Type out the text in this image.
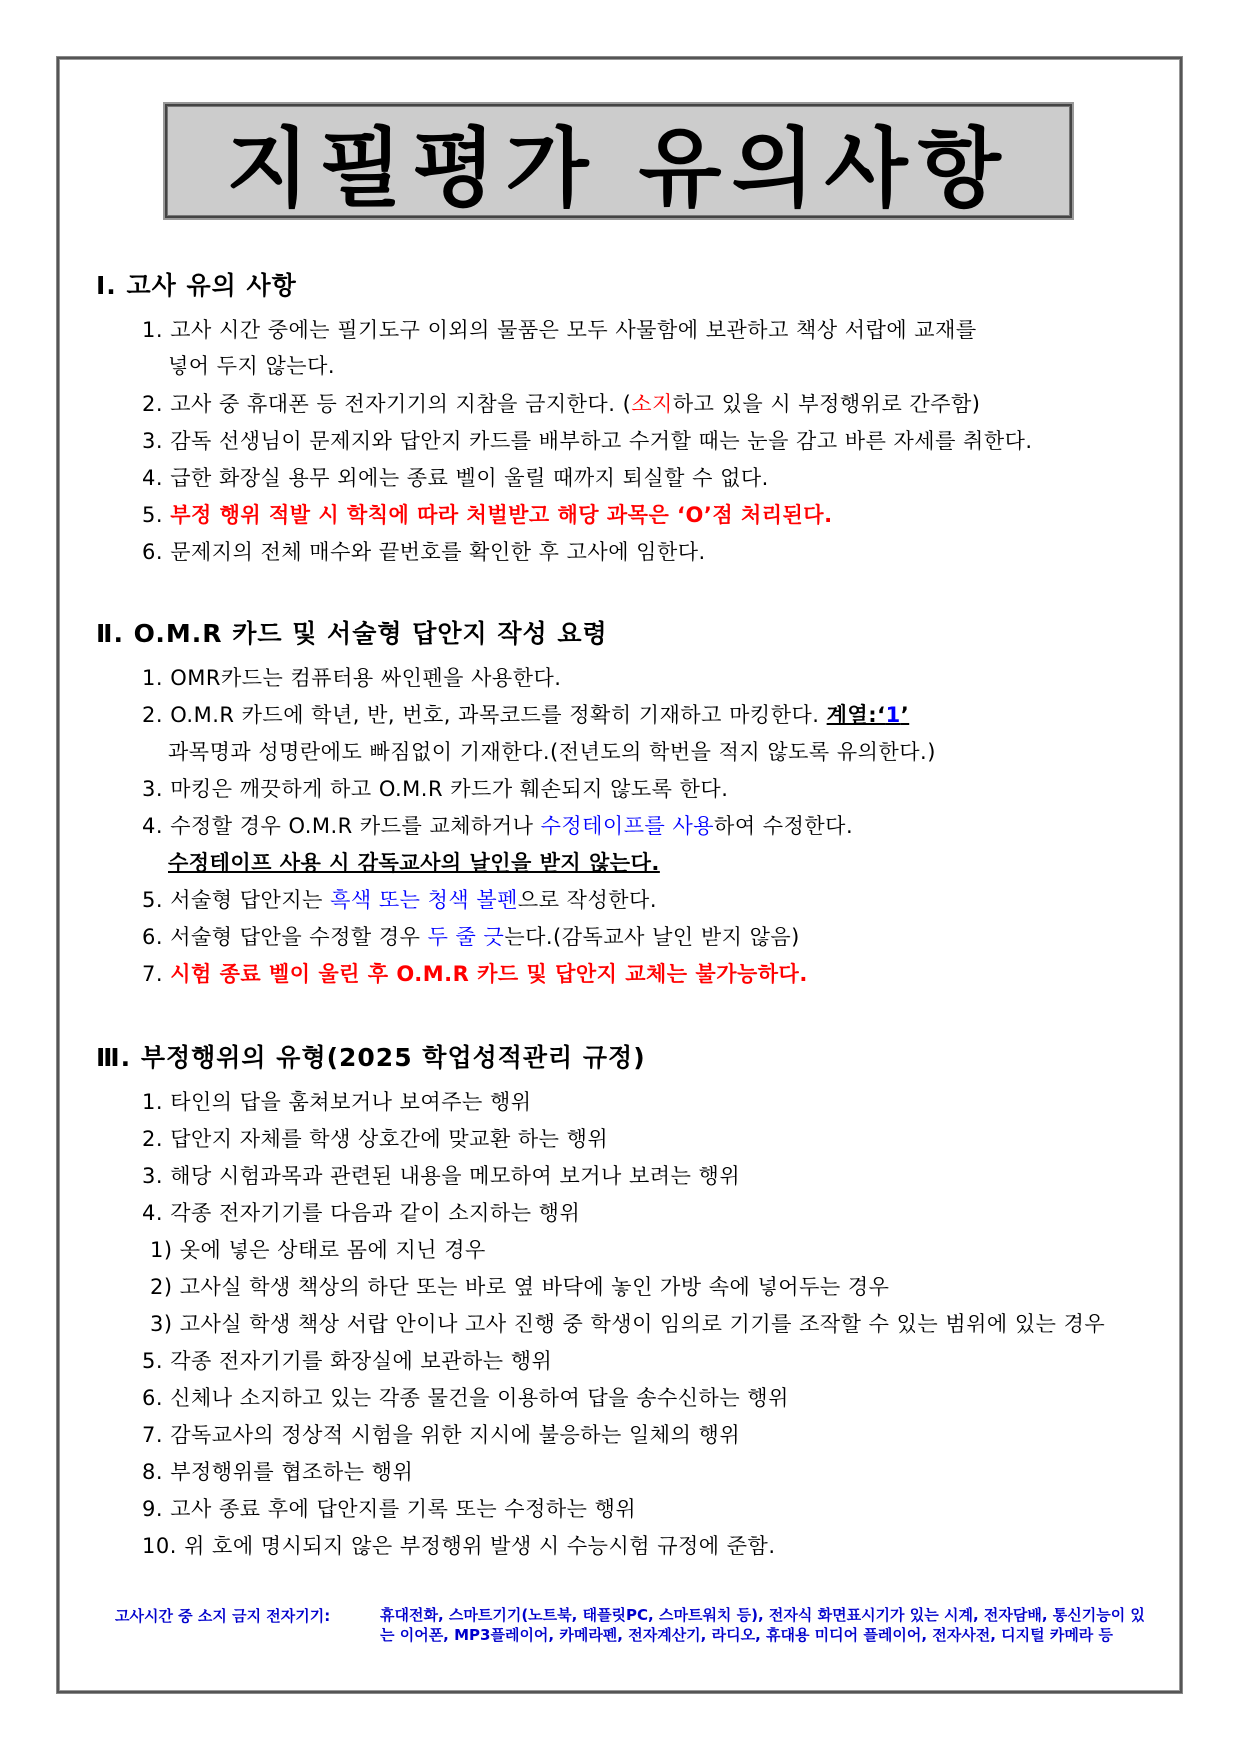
지필평가 유의사항
Ⅰ. 고사 유의 사항
1. 고사 시간 중에는 필기도구 이외의 물품은 모두 사물함에 보관하고 책상 서랍에 교재를
넣어 두지 않는다.
2. 고사 중 휴대폰 등 전자기기의 지참을 금지한다. (소지하고 있을 시 부정행위로 간주함)
3. 감독 선생님이 문제지와 답안지 카드를 배부하고 수거할 때는 눈을 감고 바른 자세를 취한다.
4. 급한 화장실 용무 외에는 종료 벨이 울릴 때까지 퇴실할 수 없다.
5. 부정 행위 적발 시 학칙에 따라 처벌받고 해당 과목은 ‘O’점 처리된다.
6. 문제지의 전체 매수와 끝번호를 확인한 후 고사에 임한다.
Ⅱ. O.M.R 카드 및 서술형 답안지 작성 요령
1. OMR카드는 컴퓨터용 싸인펜을 사용한다.
2. O.M.R 카드에 학년, 반, 번호, 과목코드를 정확히 기재하고 마킹한다. 계열:‘1’
과목명과 성명란에도 빠짐없이 기재한다.(전년도의 학번을 적지 않도록 유의한다.)
3. 마킹은 깨끗하게 하고 O.M.R 카드가 훼손되지 않도록 한다.
4. 수정할 경우 O.M.R 카드를 교체하거나 수정테이프를 사용하여 수정한다.
수정테이프 사용 시 감독교사의 날인을 받지 않는다.
5. 서술형 답안지는 흑색 또는 청색 볼펜으로 작성한다.
6. 서술형 답안을 수정할 경우 두 줄 긋는다.(감독교사 날인 받지 않음)
7. 시험 종료 벨이 울린 후 O.M.R 카드 및 답안지 교체는 불가능하다.
Ⅲ. 부정행위의 유형(2025 학업성적관리 규정)
1. 타인의 답을 훔쳐보거나 보여주는 행위
2. 답안지 자체를 학생 상호간에 맞교환 하는 행위
3. 해당 시험과목과 관련된 내용을 메모하여 보거나 보려는 행위
4. 각종 전자기기를 다음과 같이 소지하는 행위
1) 옷에 넣은 상태로 몸에 지닌 경우
2) 고사실 학생 책상의 하단 또는 바로 옆 바닥에 놓인 가방 속에 넣어두는 경우
3) 고사실 학생 책상 서랍 안이나 고사 진행 중 학생이 임의로 기기를 조작할 수 있는 범위에 있는 경우
5. 각종 전자기기를 화장실에 보관하는 행위
6. 신체나 소지하고 있는 각종 물건을 이용하여 답을 송수신하는 행위
7. 감독교사의 정상적 시험을 위한 지시에 불응하는 일체의 행위
8. 부정행위를 협조하는 행위
9. 고사 종료 후에 답안지를 기록 또는 수정하는 행위
10. 위 호에 명시되지 않은 부정행위 발생 시 수능시험 규정에 준함.
고사시간 중 소지 금지 전자기기:	휴대전화, 스마트기기(노트북, 태플릿PC, 스마트워치 등), 전자식 화면표시기가 있는 시계, 전자담배, 통신기능이 있는 이어폰, MP3플레이어, 카메라펜, 전자계산기, 라디오, 휴대용 미디어 플레이어, 전자사전, 디지털 카메라 등
